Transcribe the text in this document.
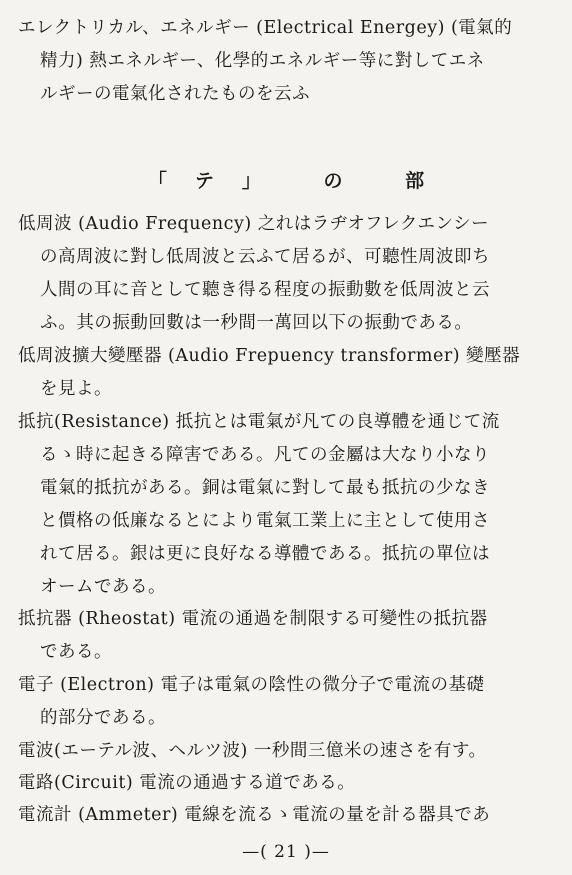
エレクトリカル、エネルギー (Electrical Energey) (電氣的

精力) 熱エネルギー、化學的エネルギー等に對してエネ

ルギーの電氣化されたものを云ふ

「テ」 の 部

低周波 (Audio Frequency) 之れはラヂオフレクエンシー

の高周波に對し低周波と云ふて居るが、可聽性周波即ち

人間の耳に音として聽き得る程度の振動數を低周波と云

ふ。其の振動回數は一秒間一萬回以下の振動である。

低周波擴大變壓器 (Audio Frepuency transformer) 變壓器

を見よ。

抵抗(Resistance) 抵抗とは電氣が凡ての良導體を通じて流

るゝ時に起きる障害である。凡ての金屬は大なり小なり

電氣的抵抗がある。銅は電氣に對して最も抵抗の少なき

と價格の低廉なるとにより電氣工業上に主として使用さ

れて居る。銀は更に良好なる導體である。抵抗の單位は

オームである。

抵抗器 (Rheostat) 電流の通過を制限する可變性の抵抗器

である。

電子 (Electron) 電子は電氣の陰性の微分子で電流の基礎

的部分である。

電波(エーテル波、ヘルツ波) 一秒間三億米の速さを有す。

電路(Circuit) 電流の通過する道である。

電流計 (Ammeter) 電線を流るゝ電流の量を計る器具であ

—( 21 )—
